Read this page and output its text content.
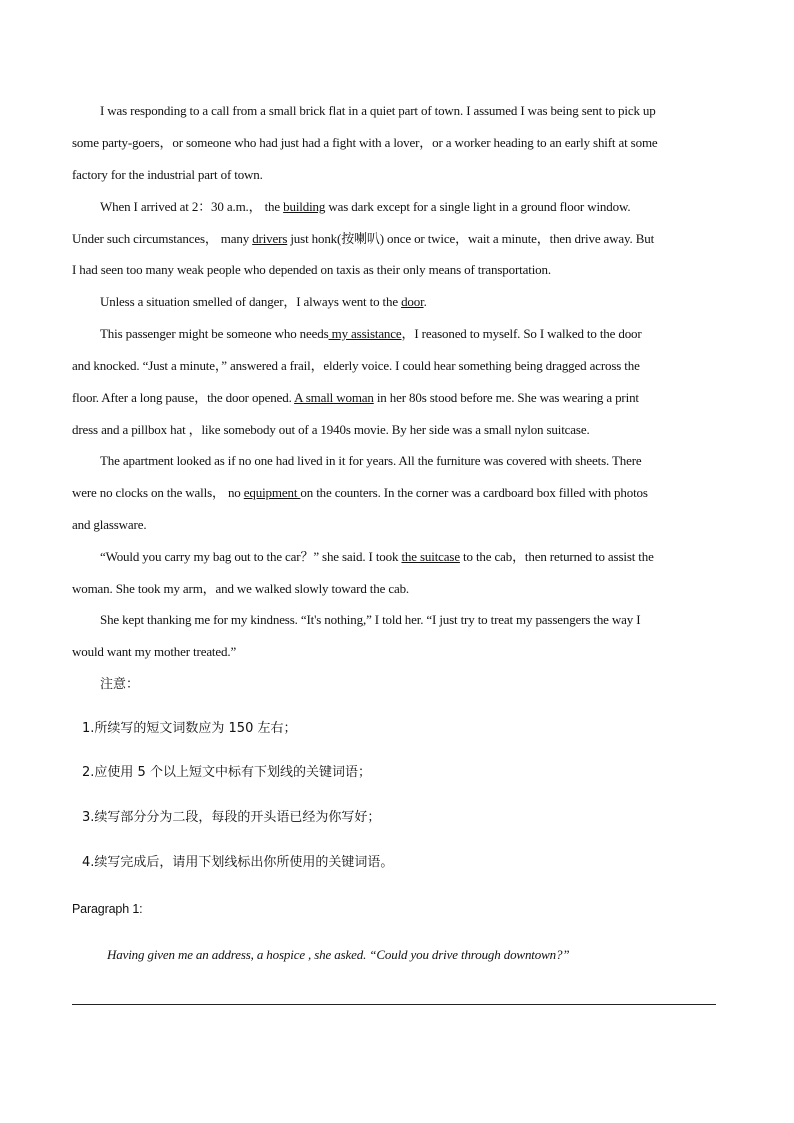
I was responding to a call from a small brick flat in a quiet part of town. I assumed I was being sent to pick up
some party-goers，or someone who had just had a fight with a lover，or a worker heading to an early shift at some
factory for the industrial part of town.
When I arrived at 2：30 a.m.， the building was dark except for a single light in a ground floor window.
Under such circumstances， many drivers just honk(按喇叭) once or twice，wait a minute，then drive away. But
I had seen too many weak people who depended on taxis as their only means of transportation.
Unless a situation smelled of danger，I always went to the door.
This passenger might be someone who needs my assistance，I reasoned to myself. So I walked to the door
and knocked. “Just a minute，” answered a frail，elderly voice. I could hear something being dragged across the
floor. After a long pause，the door opened. A small woman in her 80s stood before me. She was wearing a print
dress and a pillbox hat ，like somebody out of a 1940s movie. By her side was a small nylon suitcase.
The apartment looked as if no one had lived in it for years. All the furniture was covered with sheets. There
were no clocks on the walls， no equipment on the counters. In the corner was a cardboard box filled with photos
and glassware.
“Would you carry my bag out to the car？” she said. I took the suitcase to the cab，then returned to assist the
woman. She took my arm，and we walked slowly toward the cab.
She kept thanking me for my kindness. “It's nothing,” I told her. “I just try to treat my passengers the way I
would want my mother treated.”
注意：
1.所续写的短文词数应为 150 左右；
2.应使用 5 个以上短文中标有下划线的关键词语；
3.续写部分分为二段，每段的开头语已经为你写好；
4.续写完成后，请用下划线标出你所使用的关键词语。
Paragraph 1:
Having given me an address, a hospice , she asked. “Could you drive through downtown?”
